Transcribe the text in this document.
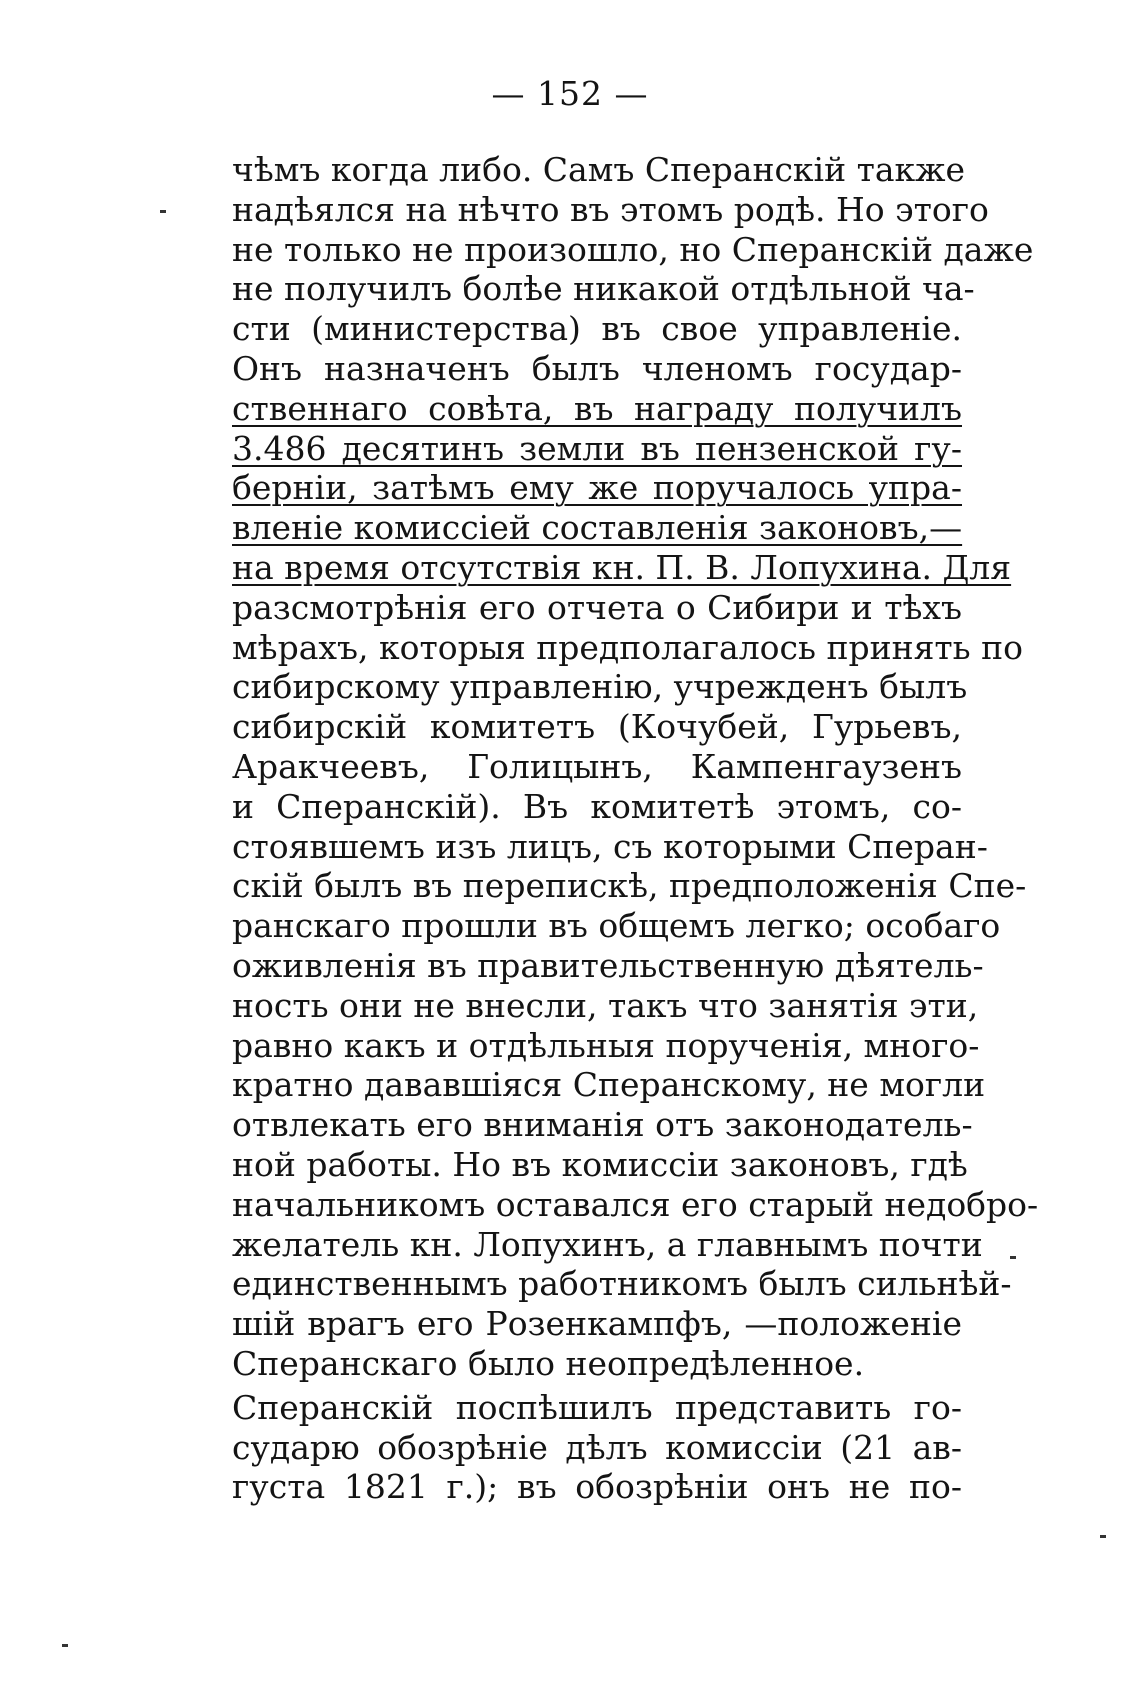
— 152 —
чѣмъ когда либо. Самъ Сперанскій также
надѣялся на нѣчто въ этомъ родѣ. Но этого
не только не произошло, но Сперанскій даже
не получилъ болѣе никакой отдѣльной ча-
сти (министерства) въ свое управленіе.
Онъ назначенъ былъ членомъ государ-
ственнаго совѣта, въ награду получилъ
3.486 десятинъ земли въ пензенской гу-
берніи, затѣмъ ему же поручалось упра-
вленіе комиссіей составленія законовъ,—
на время отсутствія кн. П. В. Лопухина. Для
разсмотрѣнія его отчета о Сибири и тѣхъ
мѣрахъ, которыя предполагалось принять по
сибирскому управленію, учрежденъ былъ
сибирскій комитетъ (Кочубей, Гурьевъ,
Аракчеевъ, Голицынъ, Кампенгаузенъ
и Сперанскій). Въ комитетѣ этомъ, со-
стоявшемъ изъ лицъ, съ которыми Сперан-
скій былъ въ перепискѣ, предположенія Спе-
ранскаго прошли въ общемъ легко; особаго
оживленія въ правительственную дѣятель-
ность они не внесли, такъ что занятія эти,
равно какъ и отдѣльныя порученія, много-
кратно дававшіяся Сперанскому, не могли
отвлекать его вниманія отъ законодатель-
ной работы. Но въ комиссіи законовъ, гдѣ
начальникомъ оставался его старый недобро-
желатель кн. Лопухинъ, а главнымъ почти
единственнымъ работникомъ былъ сильнѣй-
шій врагъ его Розенкампфъ, —положеніе
Сперанскаго было неопредѣленное.
Сперанскій поспѣшилъ представить го-
сударю обозрѣніе дѣлъ комиссіи (21 ав-
густа 1821 г.); въ обозрѣніи онъ не по-
